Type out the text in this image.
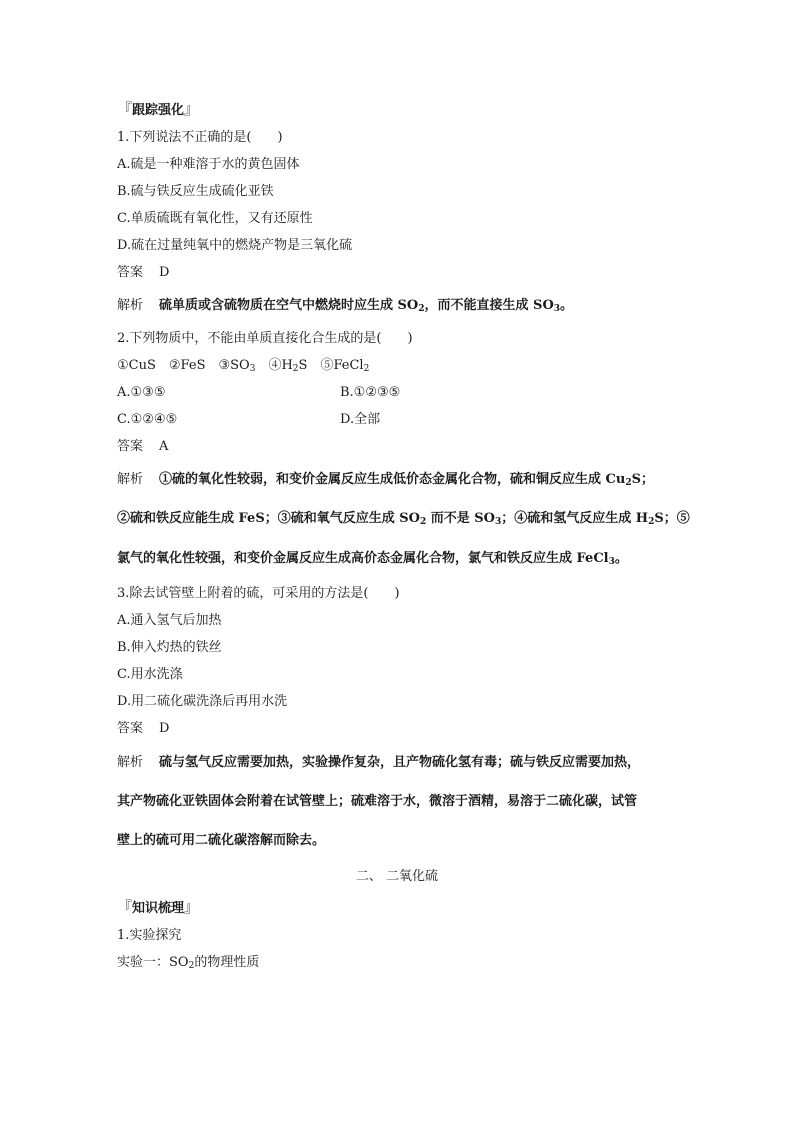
『跟踪强化』
1.下列说法不正确的是(　　)
A.硫是一种难溶于水的黄色固体
B.硫与铁反应生成硫化亚铁
C.单质硫既有氧化性，又有还原性
D.硫在过量纯氧中的燃烧产物是三氧化硫
答案 D
解析 硫单质或含硫物质在空气中燃烧时应生成 $SO_2$，而不能直接生成 $SO_3$。
2.下列物质中，不能由单质直接化合生成的是(　　)
①CuS　 ②FeS　 $③SO_3$　 $④H_2S$　 ⑤FeCl$_2$
A.①③⑤	B.①②③⑤
C.①②④⑤	D.全部
答案 A
解析 ①硫的氧化性较弱，和变价金属反应生成低价态金属化合物，硫和铜反应生成 $Cu_2S$；
②硫和铁反应能生成 FeS；③硫和氧气反应生成 $SO_2$ 而不是 $SO_3$；④硫和氢气反应生成 $H_2S$；⑤
氯气的氧化性较强，和变价金属反应生成高价态金属化合物，氯气和铁反应生成 FeCl$_3$。
3.除去试管壁上附着的硫，可采用的方法是(　　)
A.通入氢气后加热
B.伸入灼热的铁丝
C.用水洗涤
D.用二硫化碳洗涤后再用水洗
答案 D
解析 硫与氢气反应需要加热，实验操作复杂，且产物硫化氢有毒；硫与铁反应需要加热，
其产物硫化亚铁固体会附着在试管壁上；硫难溶于水，微溶于酒精，易溶于二硫化碳，试管
壁上的硫可用二硫化碳溶解而除去。
二、 二氧化硫
『知识梳理』
1.实验探究
实验一：$SO_2$的物理性质
